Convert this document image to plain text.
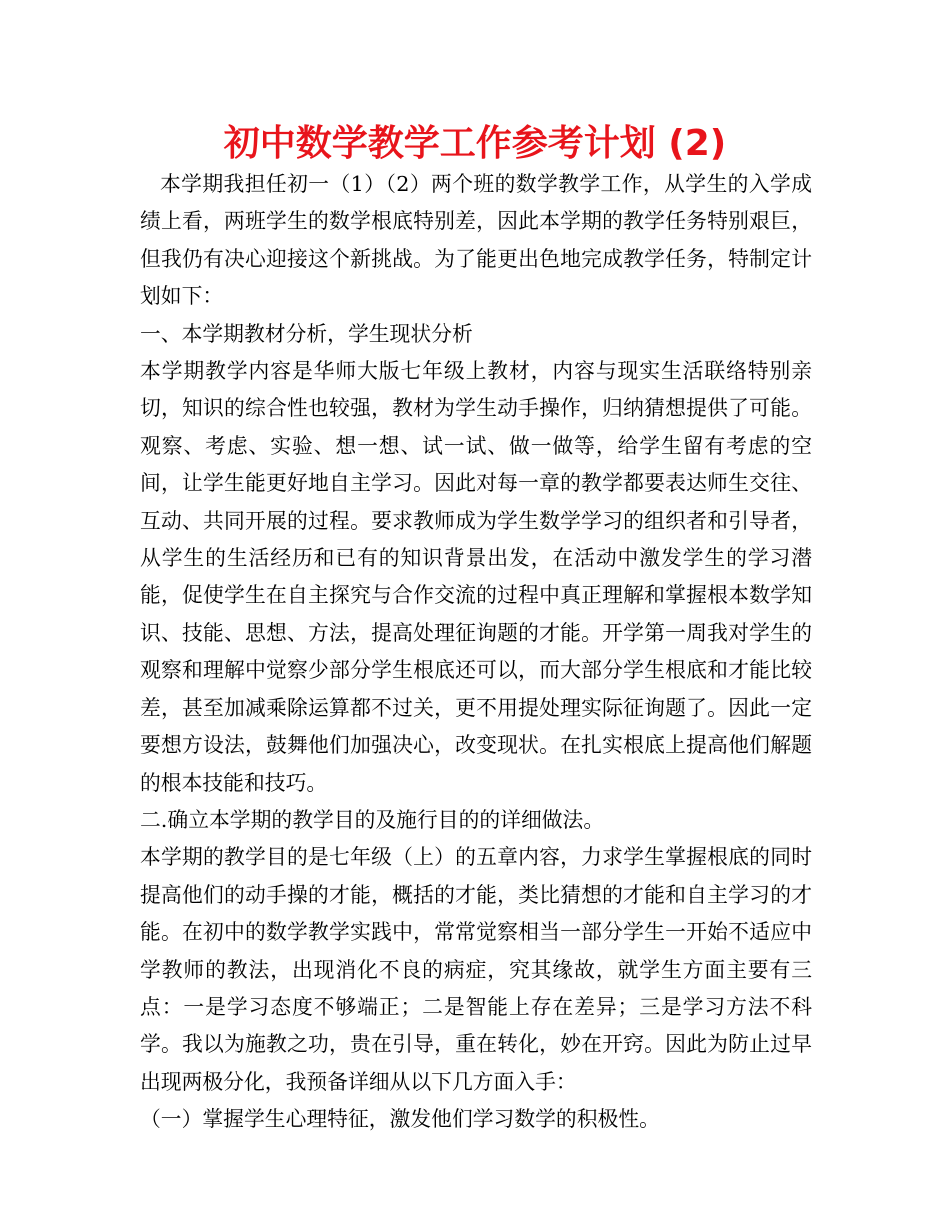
初中数学教学工作参考计划 (2)

本学期我担任初一（1）（2）两个班的数学教学工作，从学生的入学成绩上看，两班学生的数学根底特别差，因此本学期的教学任务特别艰巨，但我仍有决心迎接这个新挑战。为了能更出色地完成教学任务，特制定计划如下：

一、本学期教材分析，学生现状分析

本学期教学内容是华师大版七年级上教材，内容与现实生活联络特别亲切，知识的综合性也较强，教材为学生动手操作，归纳猜想提供了可能。观察、考虑、实验、想一想、试一试、做一做等，给学生留有考虑的空间，让学生能更好地自主学习。因此对每一章的教学都要表达师生交往、互动、共同开展的过程。要求教师成为学生数学学习的组织者和引导者，从学生的生活经历和已有的知识背景出发，在活动中激发学生的学习潜能，促使学生在自主探究与合作交流的过程中真正理解和掌握根本数学知识、技能、思想、方法，提高处理征询题的才能。开学第一周我对学生的观察和理解中觉察少部分学生根底还可以，而大部分学生根底和才能比较差，甚至加减乘除运算都不过关，更不用提处理实际征询题了。因此一定要想方设法，鼓舞他们加强决心，改变现状。在扎实根底上提高他们解题的根本技能和技巧。

二.确立本学期的教学目的及施行目的的详细做法。

本学期的教学目的是七年级（上）的五章内容，力求学生掌握根底的同时提高他们的动手操的才能，概括的才能，类比猜想的才能和自主学习的才能。在初中的数学教学实践中，常常觉察相当一部分学生一开始不适应中学教师的教法，出现消化不良的病症，究其缘故，就学生方面主要有三点：一是学习态度不够端正；二是智能上存在差异；三是学习方法不科学。我以为施教之功，贵在引导，重在转化，妙在开窍。因此为防止过早出现两极分化，我预备详细从以下几方面入手：

（一）掌握学生心理特征，激发他们学习数学的积极性。
